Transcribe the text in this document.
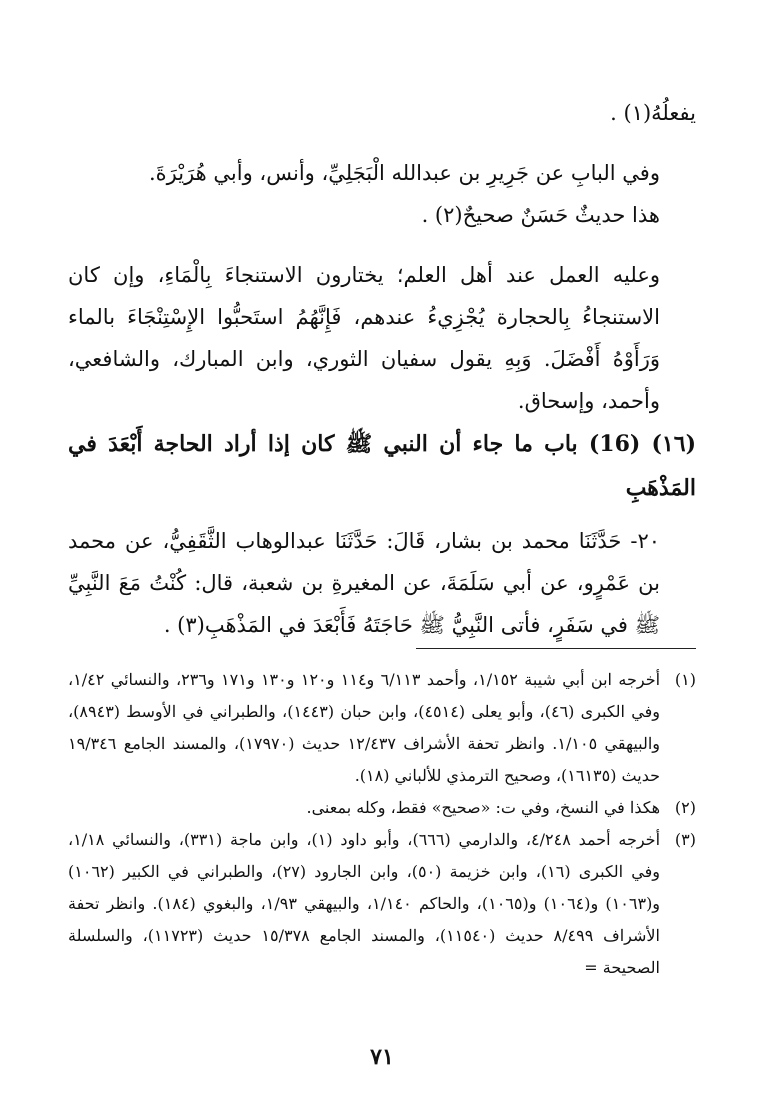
يفعلُهُ(١) .

وفي البابِ عن جَرِيرِ بن عبدالله الْبَجَلِيِّ، وأنس، وأبي هُرَيْرَةَ.

هذا حديثٌ حَسَنٌ صحيحٌ(٢) .

وعليه العمل عند أهل العلم؛ يختارون الاستنجاءَ بِالْمَاءِ، وإن كان الاستنجاءُ بِالحجارة يُجْزِيءُ عندهم، فَإِنَّهُمُ استَحبُّوا الإِسْتِنْجَاءَ بالماء وَرَأَوْهُ أَفْضَلَ. وَبِهِ يقول سفيان الثوري، وابن المبارك، والشافعي، وأحمد، وإسحاق.

(١٦) (16) باب ما جاء أن النبي ﷺ كان إذا أراد الحاجة أَبْعَدَ في المَذْهَبِ

٢٠- حَدَّثَنَا محمد بن بشار، قَالَ: حَدَّثَنَا عبدالوهاب الثَّقَفِيُّ، عن محمد بن عَمْرٍو، عن أبي سَلَمَةَ، عن المغيرةِ بن شعبة، قال: كُنْتُ مَعَ النَّبِيِّ ﷺ في سَفَرٍ، فأتى النَّبِيُّ ﷺ حَاجَتَهُ فَأَبْعَدَ في المَذْهَبِ(٣) .

(١)
أخرجه ابن أبي شيبة ١/١٥٢، وأحمد ٦/١١٣ و١١٤ و١٢٠ و١٣٠ و١٧١ و٢٣٦، والنسائي ١/٤٢، وفي الكبرى (٤٦)، وأبو يعلى (٤٥١٤)، وابن حبان (١٤٤٣)، والطبراني في الأوسط (٨٩٤٣)، والبيهقي ١/١٠٥. وانظر تحفة الأشراف ١٢/٤٣٧ حديث (١٧٩٧٠)، والمسند الجامع ١٩/٣٤٦ حديث (١٦١٣٥)، وصحيح الترمذي للألباني (١٨).
(٢)
هكذا في النسخ، وفي ت: «صحيح» فقط، وكله بمعنى.
(٣)
أخرجه أحمد ٤/٢٤٨، والدارمي (٦٦٦)، وأبو داود (١)، وابن ماجة (٣٣١)، والنسائي ١/١٨، وفي الكبرى (١٦)، وابن خزيمة (٥٠)، وابن الجارود (٢٧)، والطبراني في الكبير (١٠٦٢) و(١٠٦٣) و(١٠٦٤) و(١٠٦٥)، والحاكم ١/١٤٠، والبيهقي ١/٩٣، والبغوي (١٨٤). وانظر تحفة الأشراف ٨/٤٩٩ حديث (١١٥٤٠)، والمسند الجامع ١٥/٣٧٨ حديث (١١٧٢٣)، والسلسلة الصحيحة =
٧١
